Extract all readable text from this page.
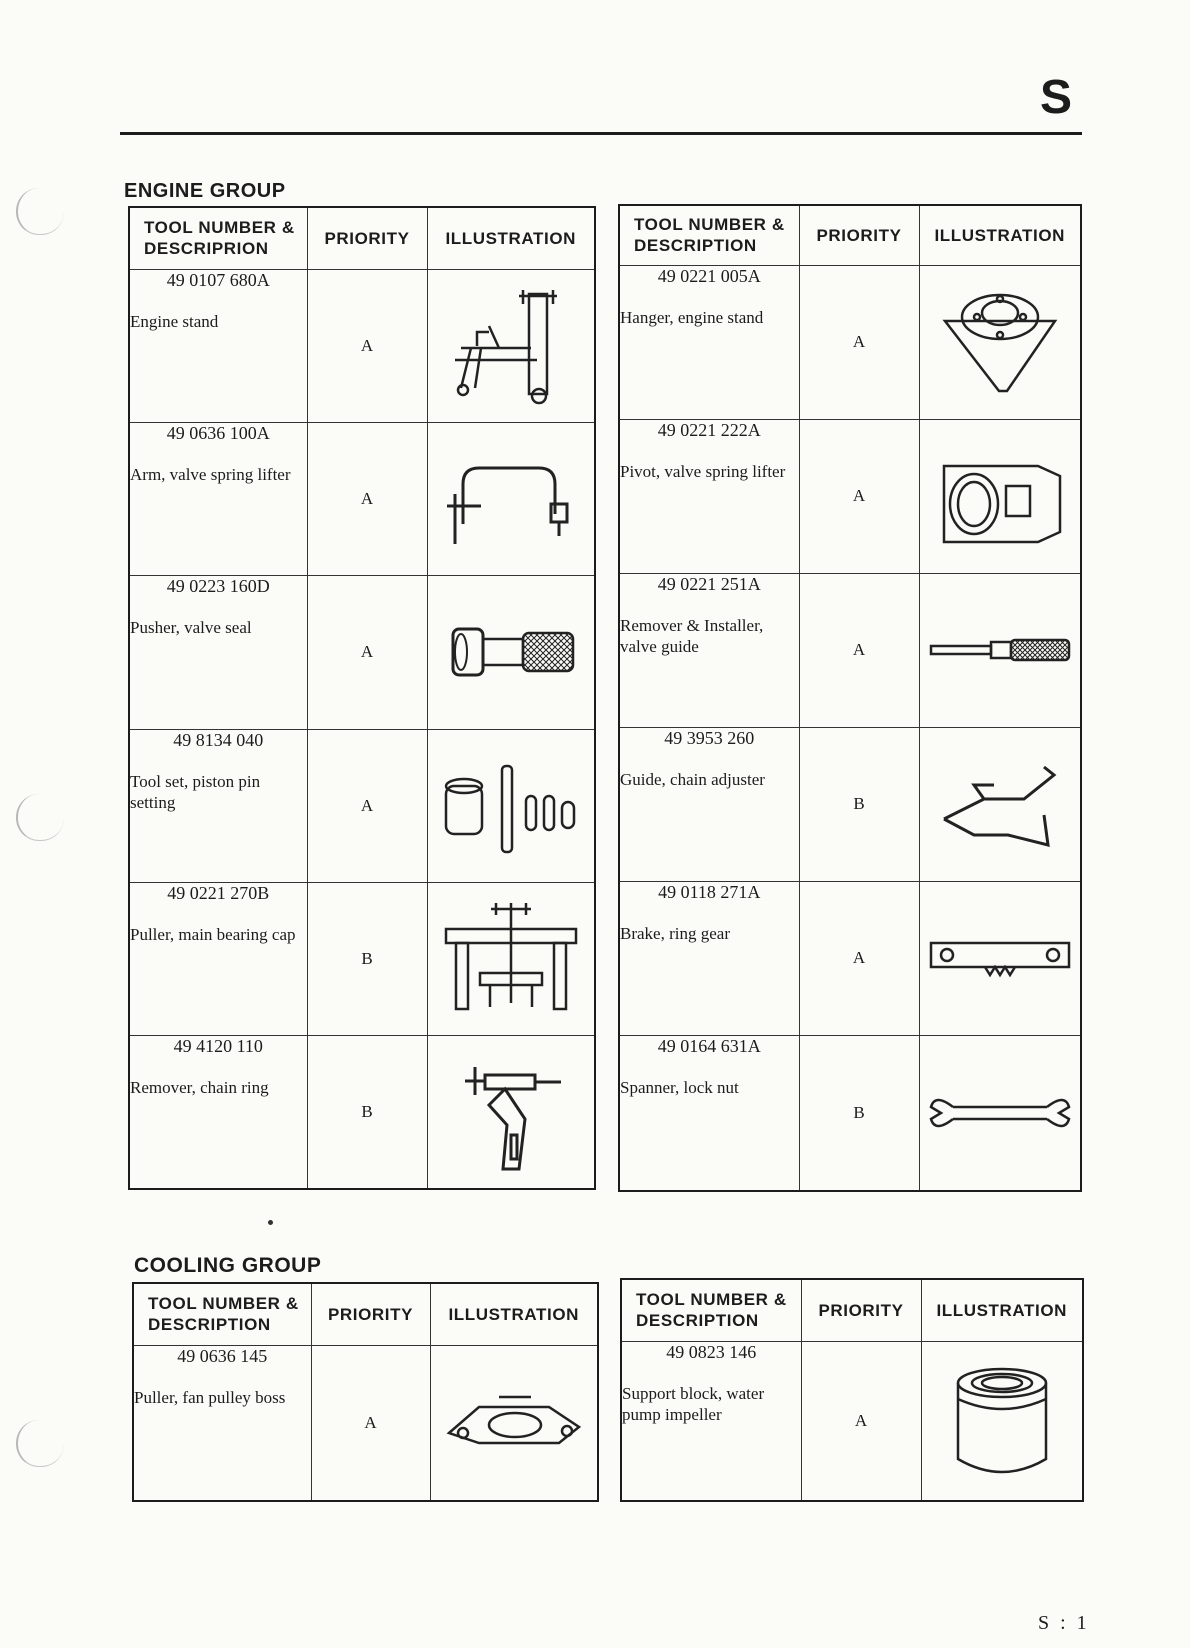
S
ENGINE GROUP
TOOL NUMBER & DESCRIPRION	PRIORITY	ILLUSTRATION

49 0107 680A
Engine stand	A	

49 0636 100A
Arm, valve spring lifter	A	

49 0223 160D
Pusher, valve seal	A	

49 8134 040
Tool set, piston pin setting	A	

49 0221 270B
Puller, main bearing cap	B	

49 4120 110
Remover, chain ring	B	
TOOL NUMBER & DESCRIPTION	PRIORITY	ILLUSTRATION

49 0221 005A
Hanger, engine stand	A	

49 0221 222A
Pivot, valve spring lifter	A	

49 0221 251A
Remover & Installer, valve guide	A	

49 3953 260
Guide, chain adjuster	B	

49 0118 271A
Brake, ring gear	A	

49 0164 631A
Spanner, lock nut	B	
COOLING GROUP
TOOL NUMBER & DESCRIPTION	PRIORITY	ILLUSTRATION

49 0636 145
Puller, fan pulley boss	A	
TOOL NUMBER & DESCRIPTION	PRIORITY	ILLUSTRATION

49 0823 146
Support block, water pump impeller	A	
S : 1
